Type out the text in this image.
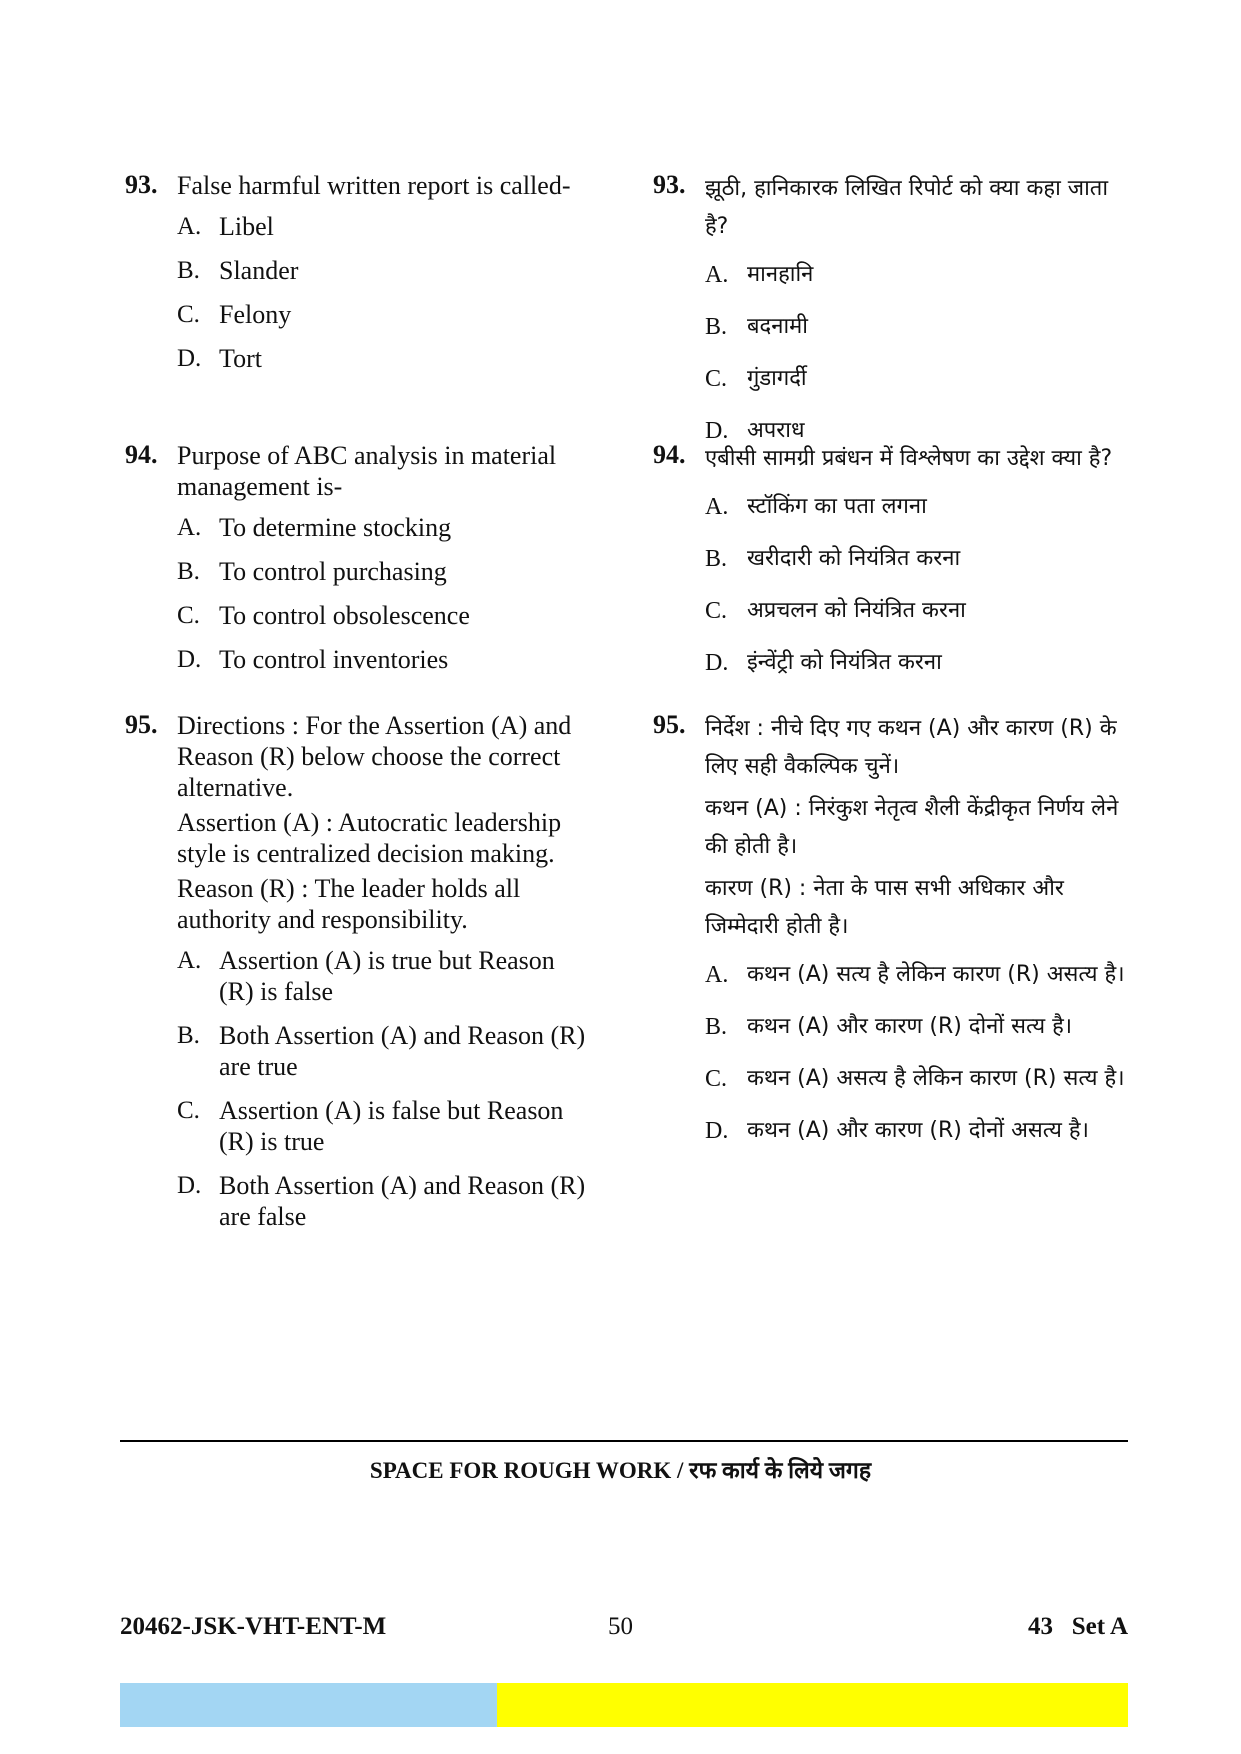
93. False harmful written report is called-

A. Libel
B. Slander
C. Felony
D. Tort
94. Purpose of ABC analysis in material management is-

A. To determine stocking
B. To control purchasing
C. To control obsolescence
D. To control inventories
95. Directions : For the Assertion (A) and Reason (R) below choose the correct alternative.

Assertion (A) : Autocratic leadership style is centralized decision making.

Reason (R) : The leader holds all authority and responsibility.

A. Assertion (A) is true but Reason (R) is false
B. Both Assertion (A) and Reason (R) are true
C. Assertion (A) is false but Reason (R) is true
D. Both Assertion (A) and Reason (R) are false
93. झूठी, हानिकारक लिखित रिपोर्ट को क्या कहा जाता है?

A. मानहानि
B. बदनामी
C. गुंडागर्दी
D. अपराध
94. एबीसी सामग्री प्रबंधन में विश्लेषण का उद्देश क्या है?

A. स्टॉकिंग का पता लगना
B. खरीदारी को नियंत्रित करना
C. अप्रचलन को नियंत्रित करना
D. इंन्वेंट्री को नियंत्रित करना
95. निर्देश : नीचे दिए गए कथन (A) और कारण (R) के लिए सही वैकल्पिक चुनें।

कथन (A) : निरंकुश नेतृत्व शैली केंद्रीकृत निर्णय लेने की होती है।

कारण (R) : नेता के पास सभी अधिकार और जिम्मेदारी होती है।

A. कथन (A) सत्य है लेकिन कारण (R) असत्य है।
B. कथन (A) और कारण (R) दोनों सत्य है।
C. कथन (A) असत्य है लेकिन कारण (R) सत्य है।
D. कथन (A) और कारण (R) दोनों असत्य है।
SPACE FOR ROUGH WORK / रफ कार्य के लिये जगह
20462-JSK-VHT-ENT-M	50	43   Set A
